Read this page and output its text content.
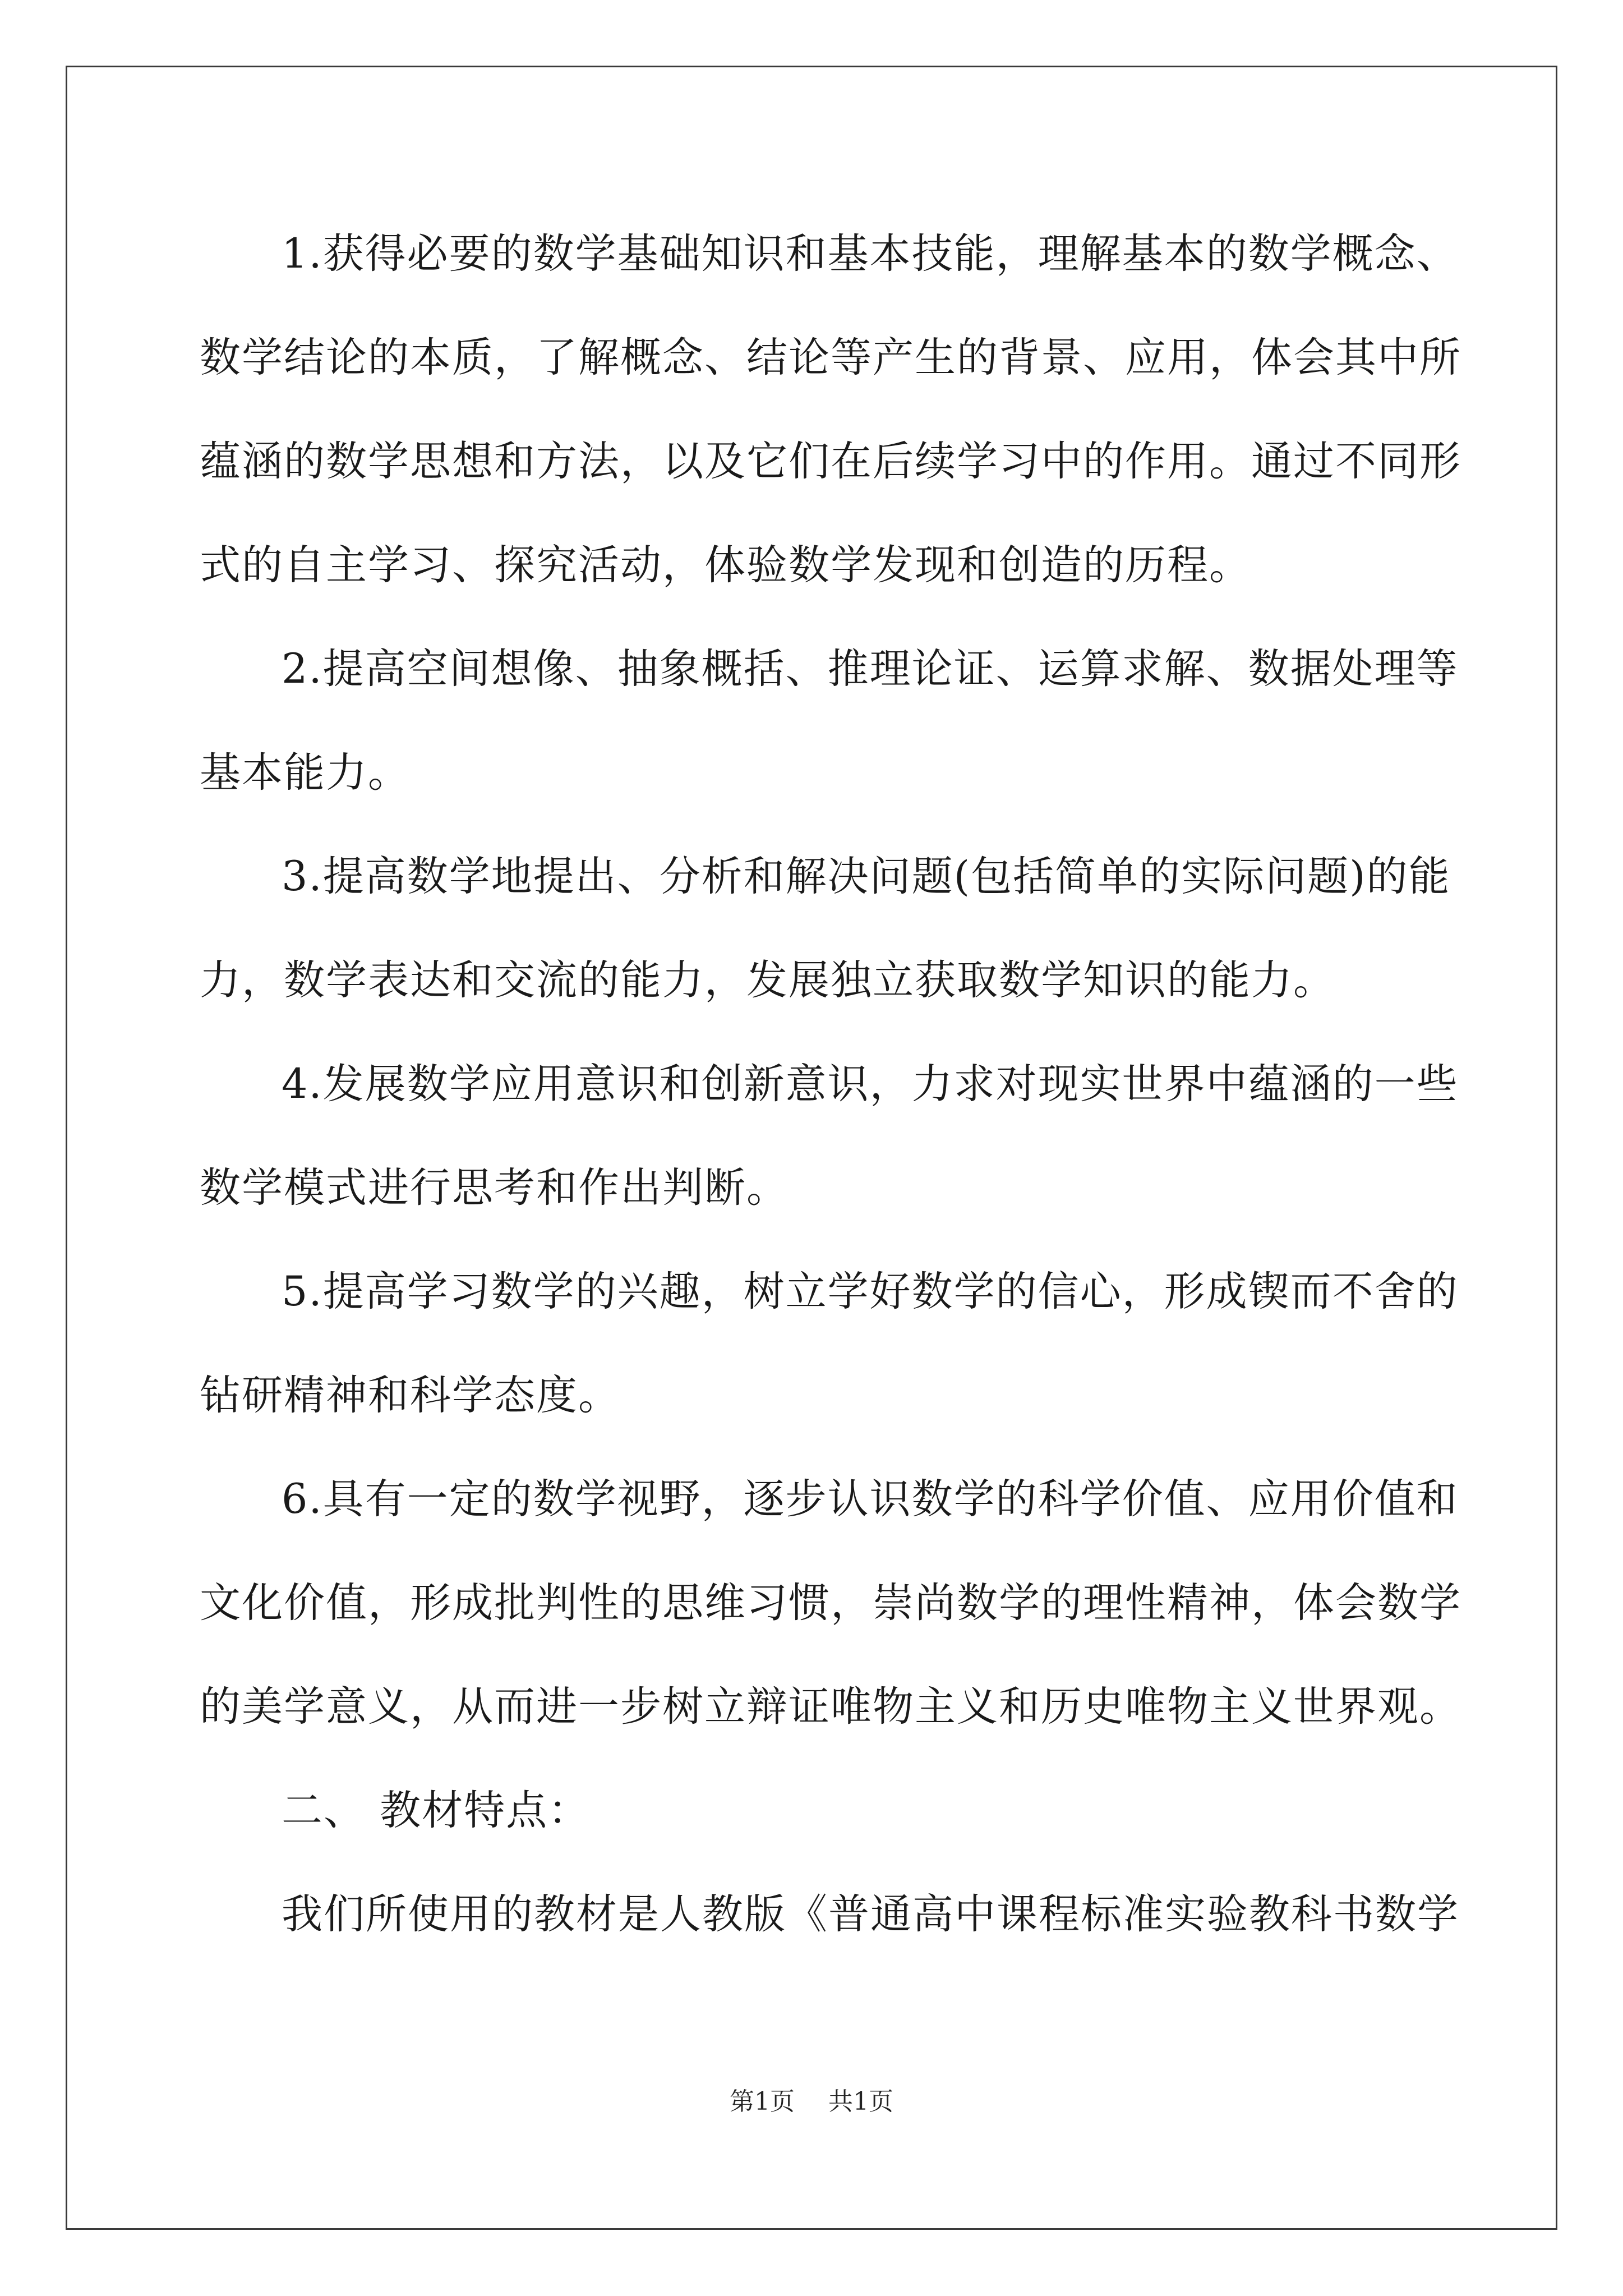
1.获得必要的数学基础知识和基本技能，理解基本的数学概念、
数学结论的本质，了解概念、结论等产生的背景、应用，体会其中所
蕴涵的数学思想和方法，以及它们在后续学习中的作用。通过不同形
式的自主学习、探究活动，体验数学发现和创造的历程。
2.提高空间想像、抽象概括、推理论证、运算求解、数据处理等
基本能力。
3.提高数学地提出、分析和解决问题(包括简单的实际问题)的能
力，数学表达和交流的能力，发展独立获取数学知识的能力。
4.发展数学应用意识和创新意识，力求对现实世界中蕴涵的一些
数学模式进行思考和作出判断。
5.提高学习数学的兴趣，树立学好数学的信心，形成锲而不舍的
钻研精神和科学态度。
6.具有一定的数学视野，逐步认识数学的科学价值、应用价值和
文化价值，形成批判性的思维习惯，崇尚数学的理性精神，体会数学
的美学意义，从而进一步树立辩证唯物主义和历史唯物主义世界观。
二、 教材特点：
我们所使用的教材是人教版《普通高中课程标准实验教科书数学
第1页 共1页
